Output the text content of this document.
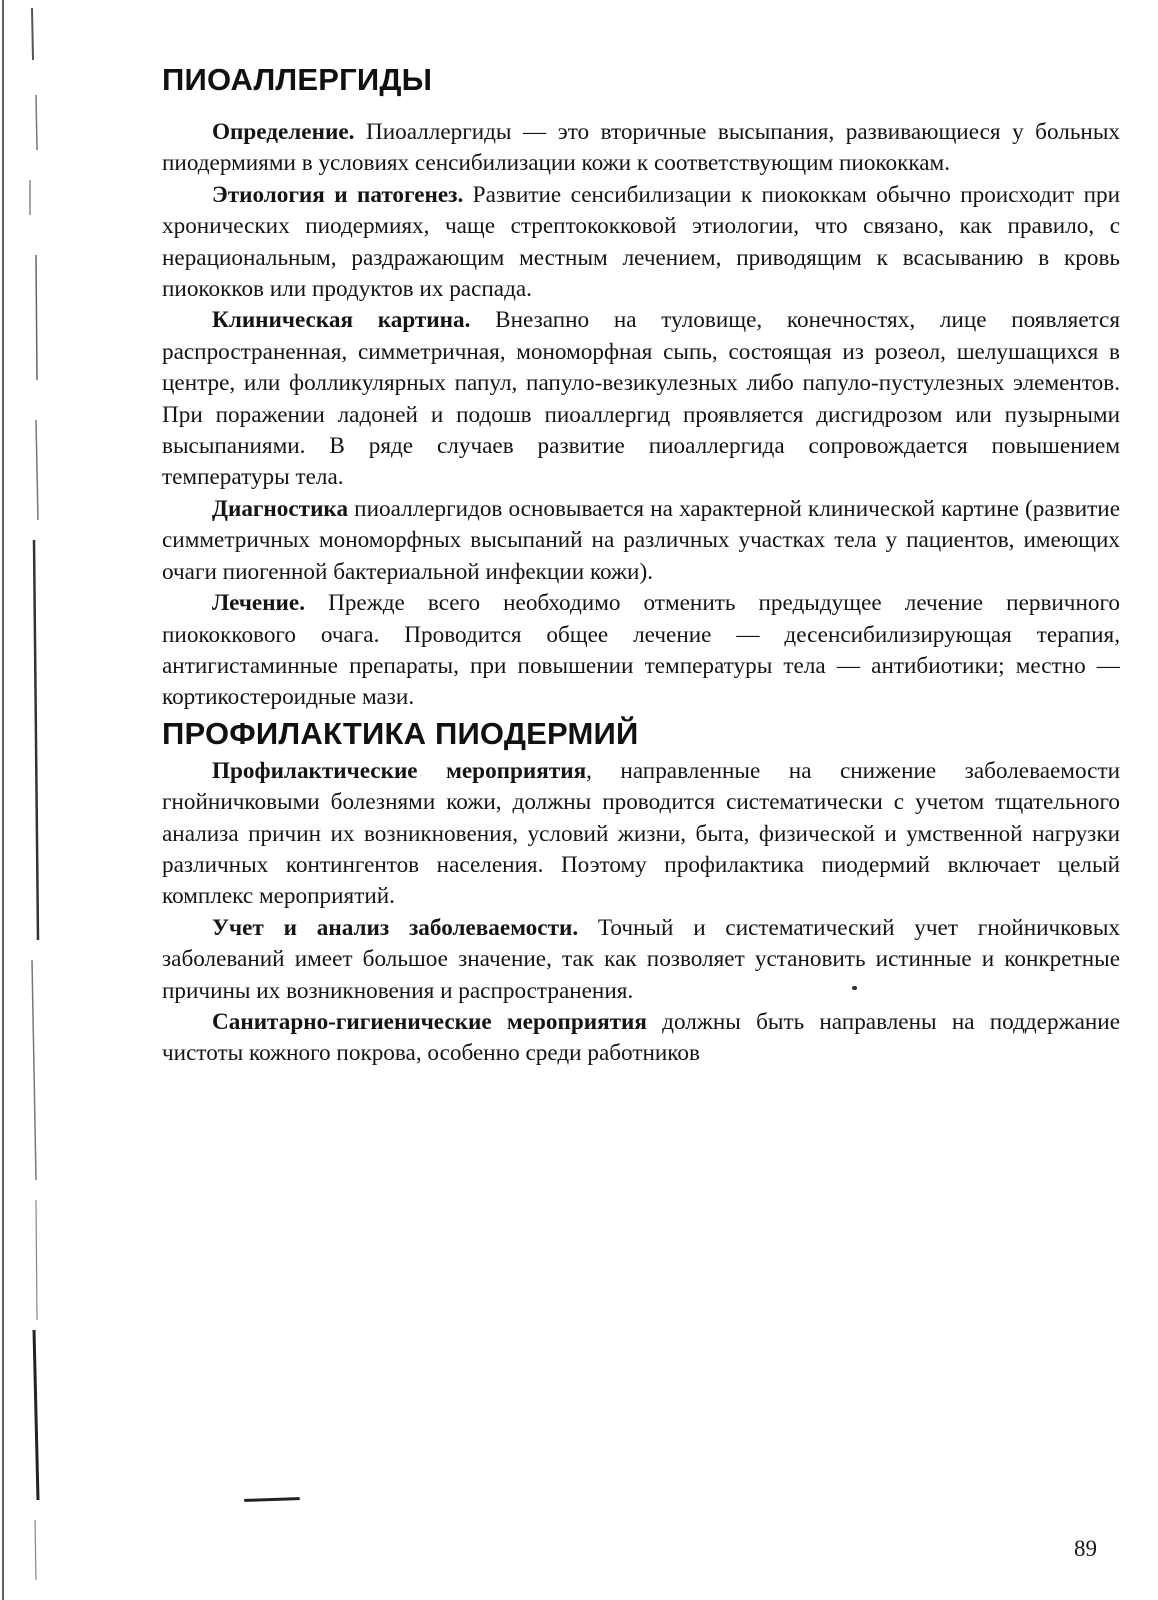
ПИОАЛЛЕРГИДЫ

Определение. Пиоаллергиды — это вторичные высыпания, развивающиеся у больных пиодермиями в условиях сенсибилизации кожи к соответствующим пиококкам.

Этиология и патогенез. Развитие сенсибилизации к пиококкам обычно происходит при хронических пиодермиях, чаще стрептококковой этиологии, что связано, как правило, с нерациональным, раздражающим местным лечением, приводящим к всасыванию в кровь пиококков или продуктов их распада.

Клиническая картина. Внезапно на туловище, конечностях, лице появляется распространенная, симметричная, мономорфная сыпь, состоящая из розеол, шелушащихся в центре, или фолликулярных папул, папуло-везикулезных либо папуло-пустулезных элементов. При поражении ладоней и подошв пиоаллергид проявляется дисгидрозом или пузырными высыпаниями. В ряде случаев развитие пиоаллергида сопровождается повышением температуры тела.

Диагностика пиоаллергидов основывается на характерной клинической картине (развитие симметричных мономорфных высыпаний на различных участках тела у пациентов, имеющих очаги пиогенной бактериальной инфекции кожи).

Лечение. Прежде всего необходимо отменить предыдущее лечение первичного пиококкового очага. Проводится общее лечение — десенсибилизирующая терапия, антигистаминные препараты, при повышении температуры тела — антибиотики; местно — кортикостероидные мази.

ПРОФИЛАКТИКА ПИОДЕРМИЙ

Профилактические мероприятия, направленные на снижение заболеваемости гнойничковыми болезнями кожи, должны проводится систематически с учетом тщательного анализа причин их возникновения, условий жизни, быта, физической и умственной нагрузки различных контингентов населения. Поэтому профилактика пиодермий включает целый комплекс мероприятий.

Учет и анализ заболеваемости. Точный и систематический учет гнойничковых заболеваний имеет большое значение, так как позволяет установить истинные и конкретные причины их возникновения и распространения.

Санитарно-гигиенические мероприятия должны быть направлены на поддержание чистоты кожного покрова, особенно среди работников

89
